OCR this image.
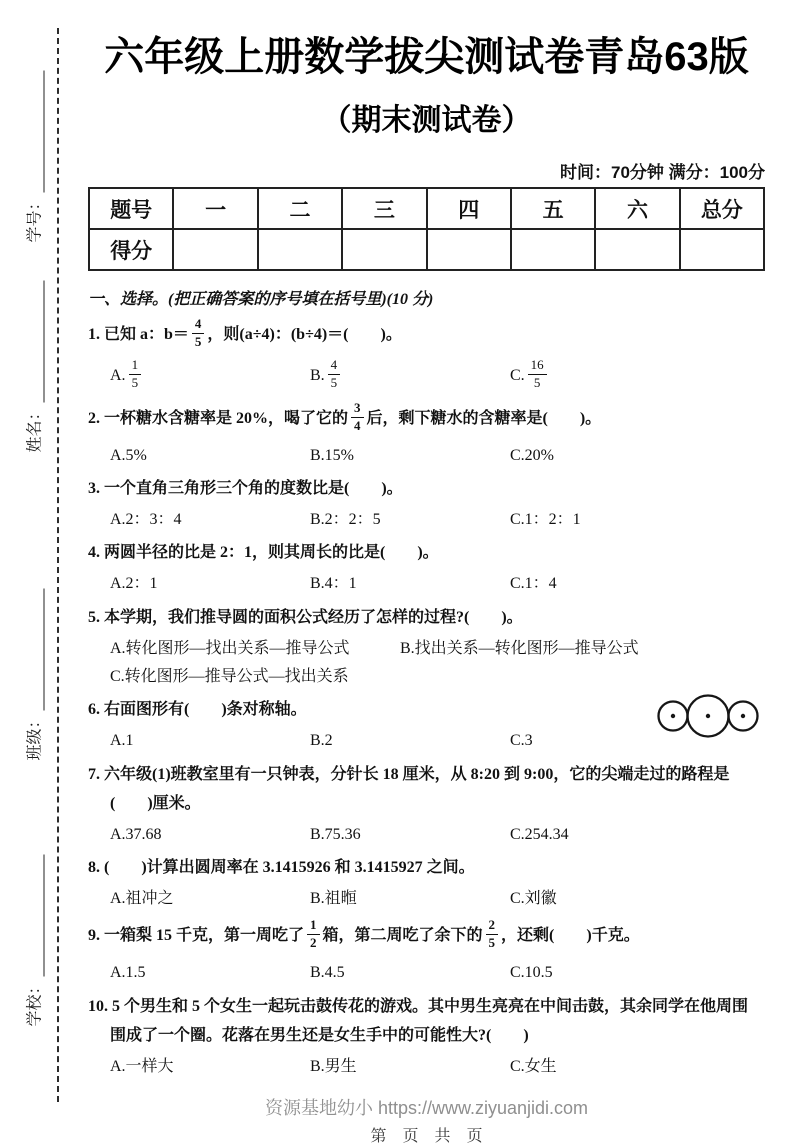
学号：
姓名：
班级：
学校：
六年级上册数学拔尖测试卷青岛63版
（期末测试卷）
时间：70分钟 满分：100分
题号	一	二	三	四	五	六	总分
得分							
一、选择。(把正确答案的序号填在括号里)(10 分)
1. 已知 a：$b= \frac{4}{5}$ ，则(a÷4)：(b÷4)＝(　　)。
A. $\frac{1}{5}$	B. $\frac{4}{5}$	C. $\frac{16}{5}$
2. 一杯糖水含糖率是 20%，喝了它的 $\frac{3}{4}$ 后，剩下糖水的含糖率是(　　)。
A.5%	B.15%	C.20%
3. 一个直角三角形三个角的度数比是(　　)。
A.2：3：4	B.2：2：5	C.1：2：1
4. 两圆半径的比是 2：1，则其周长的比是(　　)。
A.2：1	B.4：1	C.1：4
5. 本学期，我们推导圆的面积公式经历了怎样的过程?(　　)。
A.转化图形—找出关系—推导公式	B.找出关系—转化图形—推导公式
C.转化图形—推导公式—找出关系
6. 右面图形有(　　)条对称轴。
A.1	B.2	C.3
7. 六年级(1)班教室里有一只钟表，分针长 18 厘米，从 8:20 到 9:00，它的尖端走过的路程是
(　　)厘米。
A.37.68	B.75.36	C.254.34
8. (　　)计算出圆周率在 3.1415926 和 3.1415927 之间。
A.祖冲之	B.祖暅	C.刘徽
9. 一箱梨 15 千克，第一周吃了 $\frac{1}{2}$ 箱，第二周吃了余下的 $\frac{2}{5}$ ，还剩(　　)千克。
A.1.5	B.4.5	C.10.5
10. 5 个男生和 5 个女生一起玩击鼓传花的游戏。其中男生亮亮在中间击鼓，其余同学在他周围
围成了一个圈。花落在男生还是女生手中的可能性大?(　　)
A.一样大	B.男生	C.女生
资源基地幼小 https://www.ziyuanjidi.com
第　页　共　页
